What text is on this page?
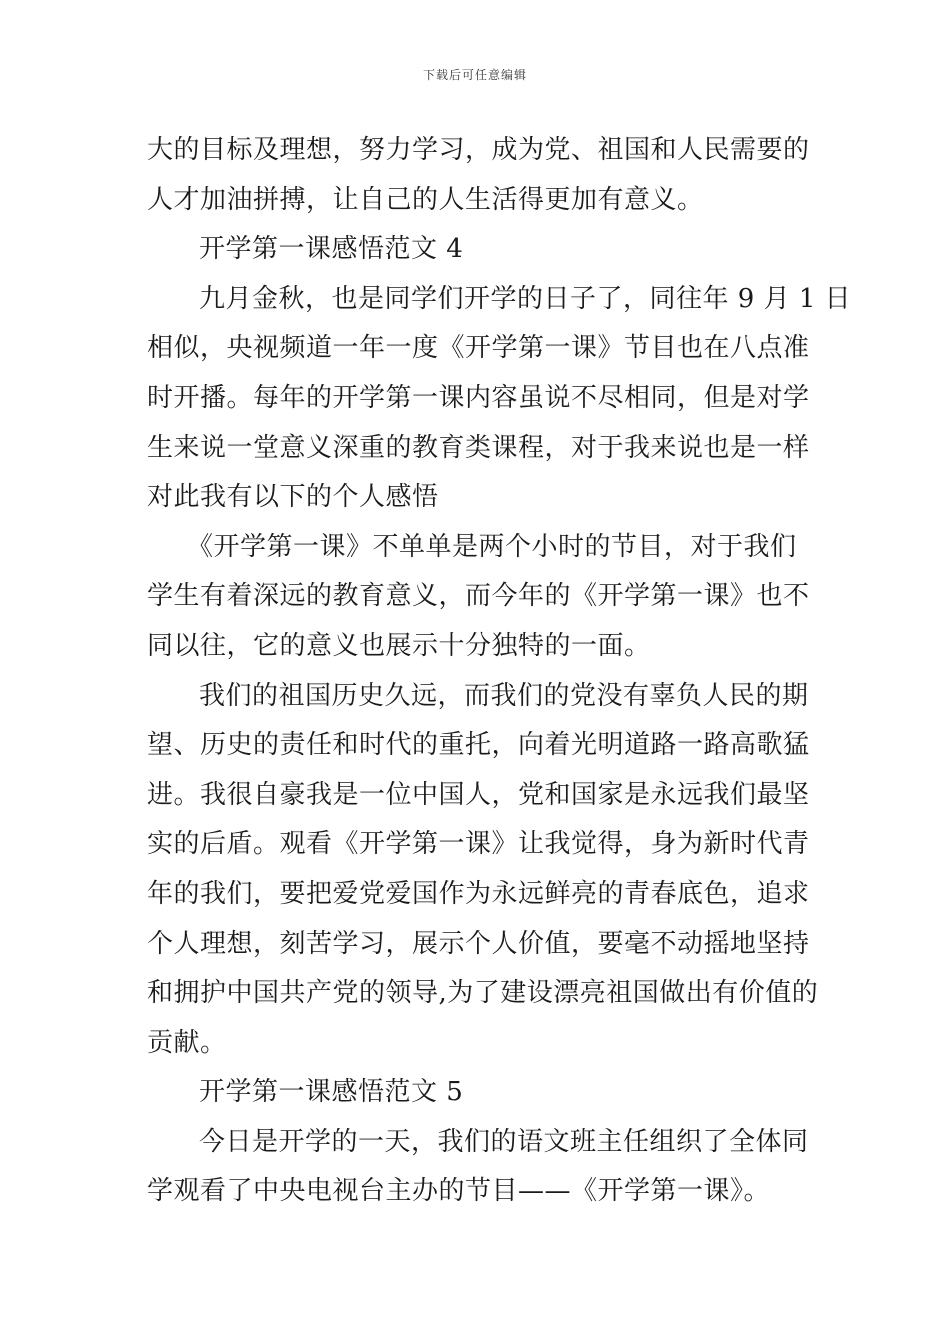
下载后可任意编辑
大的目标及理想，努力学习，成为党、祖国和人民需要的
人才加油拼搏，让自己的人生活得更加有意义。
开学第一课感悟范文 4
九月金秋，也是同学们开学的日子了，同往年 9 月 1 日
相似，央视频道一年一度《开学第一课》节目也在八点准
时开播。每年的开学第一课内容虽说不尽相同，但是对学
生来说一堂意义深重的教育类课程，对于我来说也是一样
对此我有以下的个人感悟
《开学第一课》不单单是两个小时的节目，对于我们
学生有着深远的教育意义，而今年的《开学第一课》也不
同以往，它的意义也展示十分独特的一面。
我们的祖国历史久远，而我们的党没有辜负人民的期
望、历史的责任和时代的重托，向着光明道路一路高歌猛
进。我很自豪我是一位中国人，党和国家是永远我们最坚
实的后盾。观看《开学第一课》让我觉得，身为新时代青
年的我们，要把爱党爱国作为永远鲜亮的青春底色，追求
个人理想，刻苦学习，展示个人价值，要毫不动摇地坚持
和拥护中国共产党的领导,为了建设漂亮祖国做出有价值的
贡献。
开学第一课感悟范文 5
今日是开学的一天，我们的语文班主任组织了全体同
学观看了中央电视台主办的节目——《开学第一课》。
